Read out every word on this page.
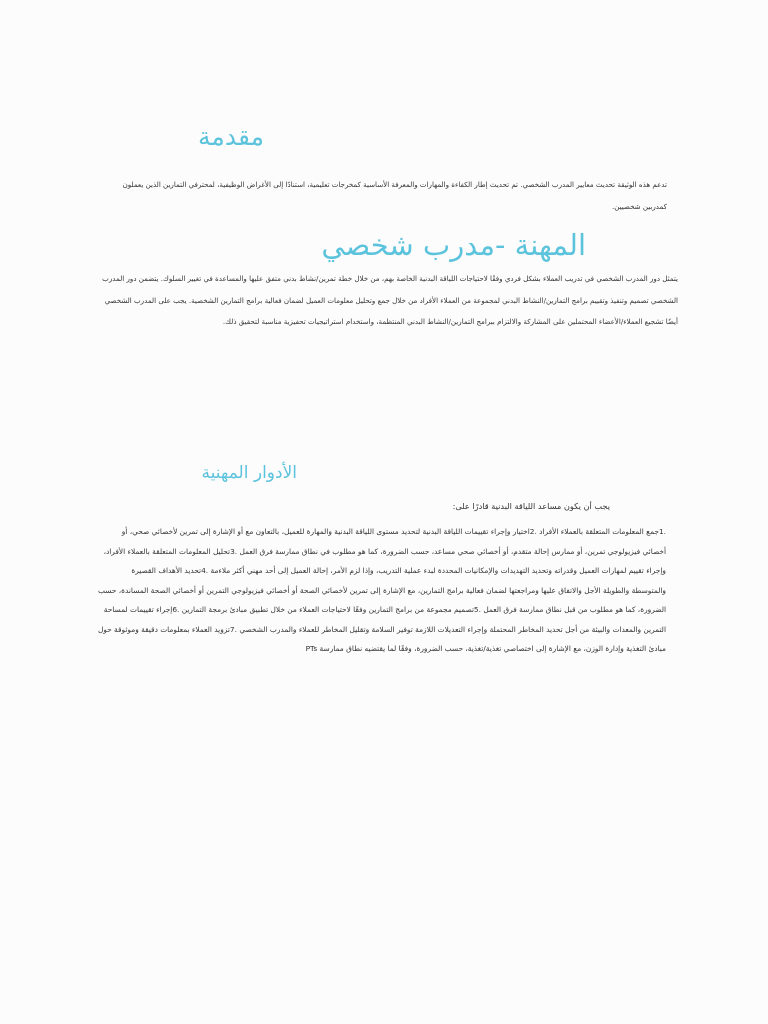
مقدمة

تدعم هذه الوثيقة تحديث معايير المدرب الشخصي. تم تحديث إطار الكفاءة والمهارات والمعرفة الأساسية كمخرجات تعليمية، استنادًا إلى الأغراض الوظيفية، لمحترفي التمارين الذين يعملون كمدربين شخصيين.

المهنة -مدرب شخصي

يتمثل دور المدرب الشخصي في تدريب العملاء بشكل فردي وفقًا لاحتياجات اللياقة البدنية الخاصة بهم، من خلال خطة تمرين/نشاط بدني متفق عليها والمساعدة في تغيير السلوك. يتضمن دور المدرب الشخصي تصميم وتنفيذ وتقييم برامج التمارين/النشاط البدني لمجموعة من العملاء الأفراد من خلال جمع وتحليل معلومات العميل لضمان فعالية برامج التمارين الشخصية. يجب على المدرب الشخصي أيضًا تشجيع العملاء/الأعضاء المحتملين على المشاركة والالتزام ببرامج التمارين/النشاط البدني المنتظمة، واستخدام استراتيجيات تحفيزية مناسبة لتحقيق ذلك.

الأدوار المهنية

يجب أن يكون مساعد اللياقة البدنية قادرًا على:

.1جمع المعلومات المتعلقة بالعملاء الأفراد .2اختيار وإجراء تقييمات اللياقة البدنية لتحديد مستوى اللياقة البدنية والمهارة للعميل، بالتعاون مع أو الإشارة إلى تمرين لأخصائي صحي، أو أخصائي فيزيولوجي تمرين، أو ممارس إحالة متقدم، أو أخصائي صحي مساعد، حسب الضرورة، كما هو مطلوب في نطاق ممارسة فرق العمل .3تحليل المعلومات المتعلقة بالعملاء الأفراد، وإجراء تقييم لمهارات العميل وقدراته وتحديد التهديدات والإمكانيات المحددة لبدء عملية التدريب، وإذا لزم الأمر، إحالة العميل إلى أحد مهني أكثر ملاءمة .4تحديد الأهداف القصيرة والمتوسطة والطويلة الأجل والاتفاق عليها ومراجعتها لضمان فعالية برامج التمارين، مع الإشارة إلى تمرين لأخصائي الصحة أو أخصائي فيزيولوجي التمرين أو أخصائي الصحة المساندة، حسب الضرورة، كما هو مطلوب من قبل نطاق ممارسة فرق العمل .5تصميم مجموعة من برامج التمارين وفقًا لاحتياجات العملاء من خلال تطبيق مبادئ برمجة التمارين .6إجراء تقييمات لمساحة التمرين والمعدات والبيئة من أجل تحديد المخاطر المحتملة وإجراء التعديلات اللازمة توفير السلامة وتقليل المخاطر للعملاء والمدرب الشخصي .7تزويد العملاء بمعلومات دقيقة وموثوقة حول مبادئ التغذية وإدارة الوزن، مع الإشارة إلى اختصاصي تغذية/تغذية، حسب الضرورة، وفقًا لما يقتضيه نطاق ممارسة PTs
